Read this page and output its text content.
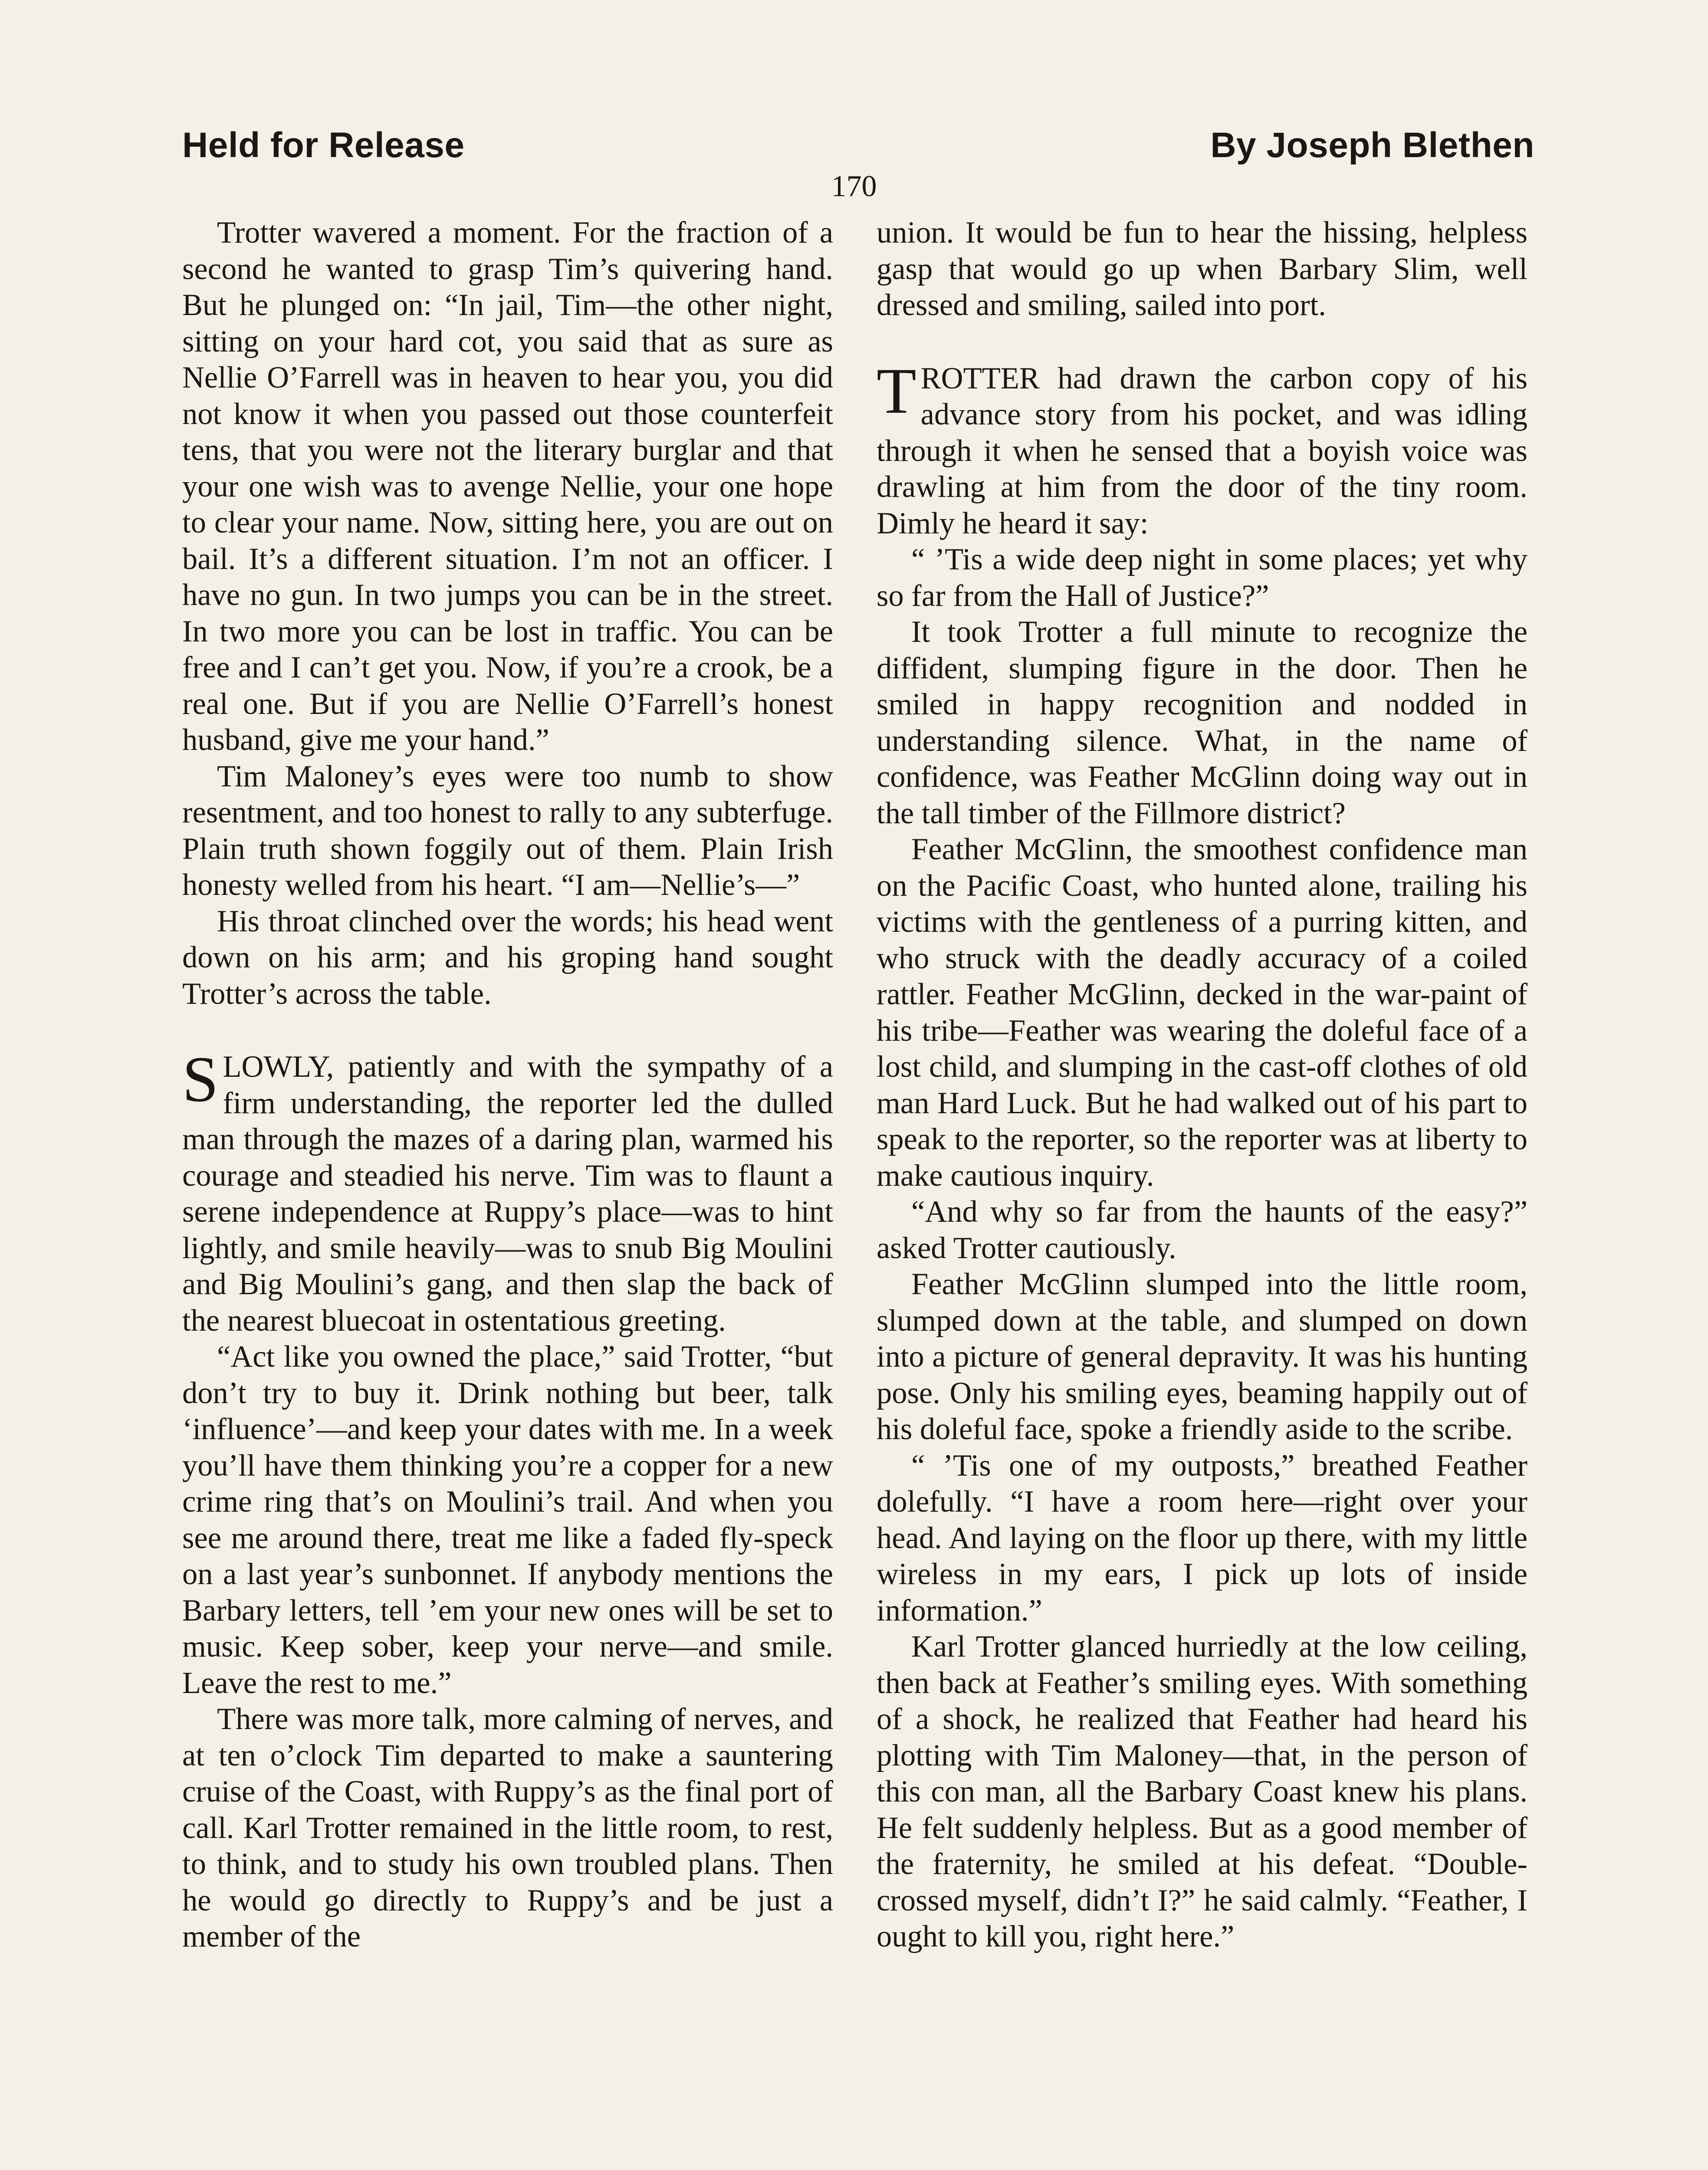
Held for Release	By Joseph Blethen
170

Trotter wavered a moment. For the fraction of a second he wanted to grasp Tim’s quivering hand. But he plunged on: “In jail, Tim—the other night, sitting on your hard cot, you said that as sure as Nellie O’Farrell was in heaven to hear you, you did not know it when you passed out those counterfeit tens, that you were not the literary burglar and that your one wish was to avenge Nellie, your one hope to clear your name. Now, sitting here, you are out on bail. It’s a different situation. I’m not an officer. I have no gun. In two jumps you can be in the street. In two more you can be lost in traffic. You can be free and I can’t get you. Now, if you’re a crook, be a real one. But if you are Nellie O’Farrell’s honest husband, give me your hand.”

Tim Maloney’s eyes were too numb to show resentment, and too honest to rally to any subterfuge. Plain truth shown foggily out of them. Plain Irish honesty welled from his heart. “I am—Nellie’s—”

His throat clinched over the words; his head went down on his arm; and his groping hand sought Trotter’s across the table.

SLOWLY, patiently and with the sympathy of a firm understanding, the reporter led the dulled man through the mazes of a daring plan, warmed his courage and steadied his nerve. Tim was to flaunt a serene independence at Ruppy’s place—was to hint lightly, and smile heavily—was to snub Big Moulini and Big Moulini’s gang, and then slap the back of the nearest bluecoat in ostentatious greeting.

“Act like you owned the place,” said Trotter, “but don’t try to buy it. Drink nothing but beer, talk ‘influence’—and keep your dates with me. In a week you’ll have them thinking you’re a copper for a new crime ring that’s on Moulini’s trail. And when you see me around there, treat me like a faded fly-speck on a last year’s sunbonnet. If anybody mentions the Barbary letters, tell ’em your new ones will be set to music. Keep sober, keep your nerve—and smile. Leave the rest to me.”

There was more talk, more calming of nerves, and at ten o’clock Tim departed to make a sauntering cruise of the Coast, with Ruppy’s as the final port of call. Karl Trotter remained in the little room, to rest, to think, and to study his own troubled plans. Then he would go directly to Ruppy’s and be just a member of the

union. It would be fun to hear the hissing, helpless gasp that would go up when Barbary Slim, well dressed and smiling, sailed into port.

TROTTER had drawn the carbon copy of his advance story from his pocket, and was idling through it when he sensed that a boyish voice was drawling at him from the door of the tiny room. Dimly he heard it say:

“ ’Tis a wide deep night in some places; yet why so far from the Hall of Justice?”

It took Trotter a full minute to recognize the diffident, slumping figure in the door. Then he smiled in happy recognition and nodded in understanding silence. What, in the name of confidence, was Feather McGlinn doing way out in the tall timber of the Fillmore district?

Feather McGlinn, the smoothest confidence man on the Pacific Coast, who hunted alone, trailing his victims with the gentleness of a purring kitten, and who struck with the deadly accuracy of a coiled rattler. Feather McGlinn, decked in the war-paint of his tribe—Feather was wearing the doleful face of a lost child, and slumping in the cast-off clothes of old man Hard Luck. But he had walked out of his part to speak to the reporter, so the reporter was at liberty to make cautious inquiry.

“And why so far from the haunts of the easy?” asked Trotter cautiously.

Feather McGlinn slumped into the little room, slumped down at the table, and slumped on down into a picture of general depravity. It was his hunting pose. Only his smiling eyes, beaming happily out of his doleful face, spoke a friendly aside to the scribe.

“ ’Tis one of my outposts,” breathed Feather dolefully. “I have a room here—right over your head. And laying on the floor up there, with my little wireless in my ears, I pick up lots of inside information.”

Karl Trotter glanced hurriedly at the low ceiling, then back at Feather’s smiling eyes. With something of a shock, he realized that Feather had heard his plotting with Tim Maloney—that, in the person of this con man, all the Barbary Coast knew his plans. He felt suddenly helpless. But as a good member of the fraternity, he smiled at his defeat. “Double-crossed myself, didn’t I?” he said calmly. “Feather, I ought to kill you, right here.”
